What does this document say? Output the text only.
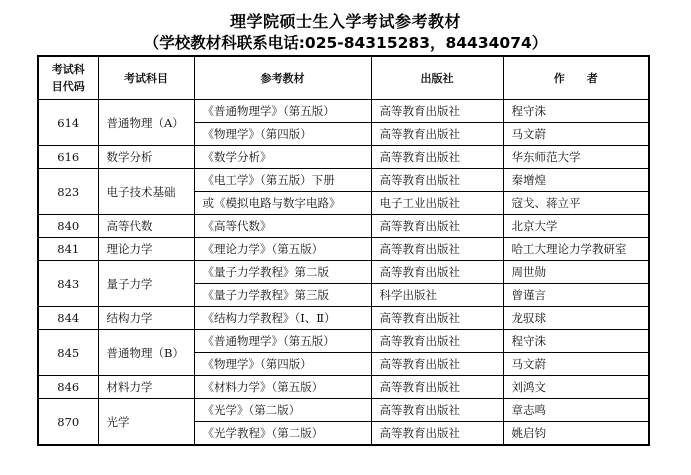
理学院硕士生入学考试参考教材
（学校教材科联系电话:025-84315283，84434074）
考试科
目代码	考试科目	参考教材	出版社	作　　者
614	普通物理（A）	《普通物理学》（第五版）	高等教育出版社	程守洙
		《物理学》（第四版）	高等教育出版社	马文蔚
616	数学分析	《数学分析》	高等教育出版社	华东师范大学
823	电子技术基础	《电工学》（第五版）下册	高等教育出版社	秦增煌
		或《模拟电路与数字电路》	电子工业出版社	寇戈、蒋立平
840	高等代数	《高等代数》	高等教育出版社	北京大学
841	理论力学	《理论力学》（第五版）	高等教育出版社	哈工大理论力学教研室
843	量子力学	《量子力学教程》第二版	高等教育出版社	周世勋
		《量子力学教程》第三版	科学出版社	曾谨言
844	结构力学	《结构力学教程》（Ⅰ、Ⅱ）	高等教育出版社	龙驭球
845	普通物理（B）	《普通物理学》（第五版）	高等教育出版社	程守洙
		《物理学》（第四版）	高等教育出版社	马文蔚
846	材料力学	《材料力学》（第五版）	高等教育出版社	刘鸿文
870	光学	《光学》（第二版）	高等教育出版社	章志鸣
		《光学教程》（第二版）	高等教育出版社	姚启钧
